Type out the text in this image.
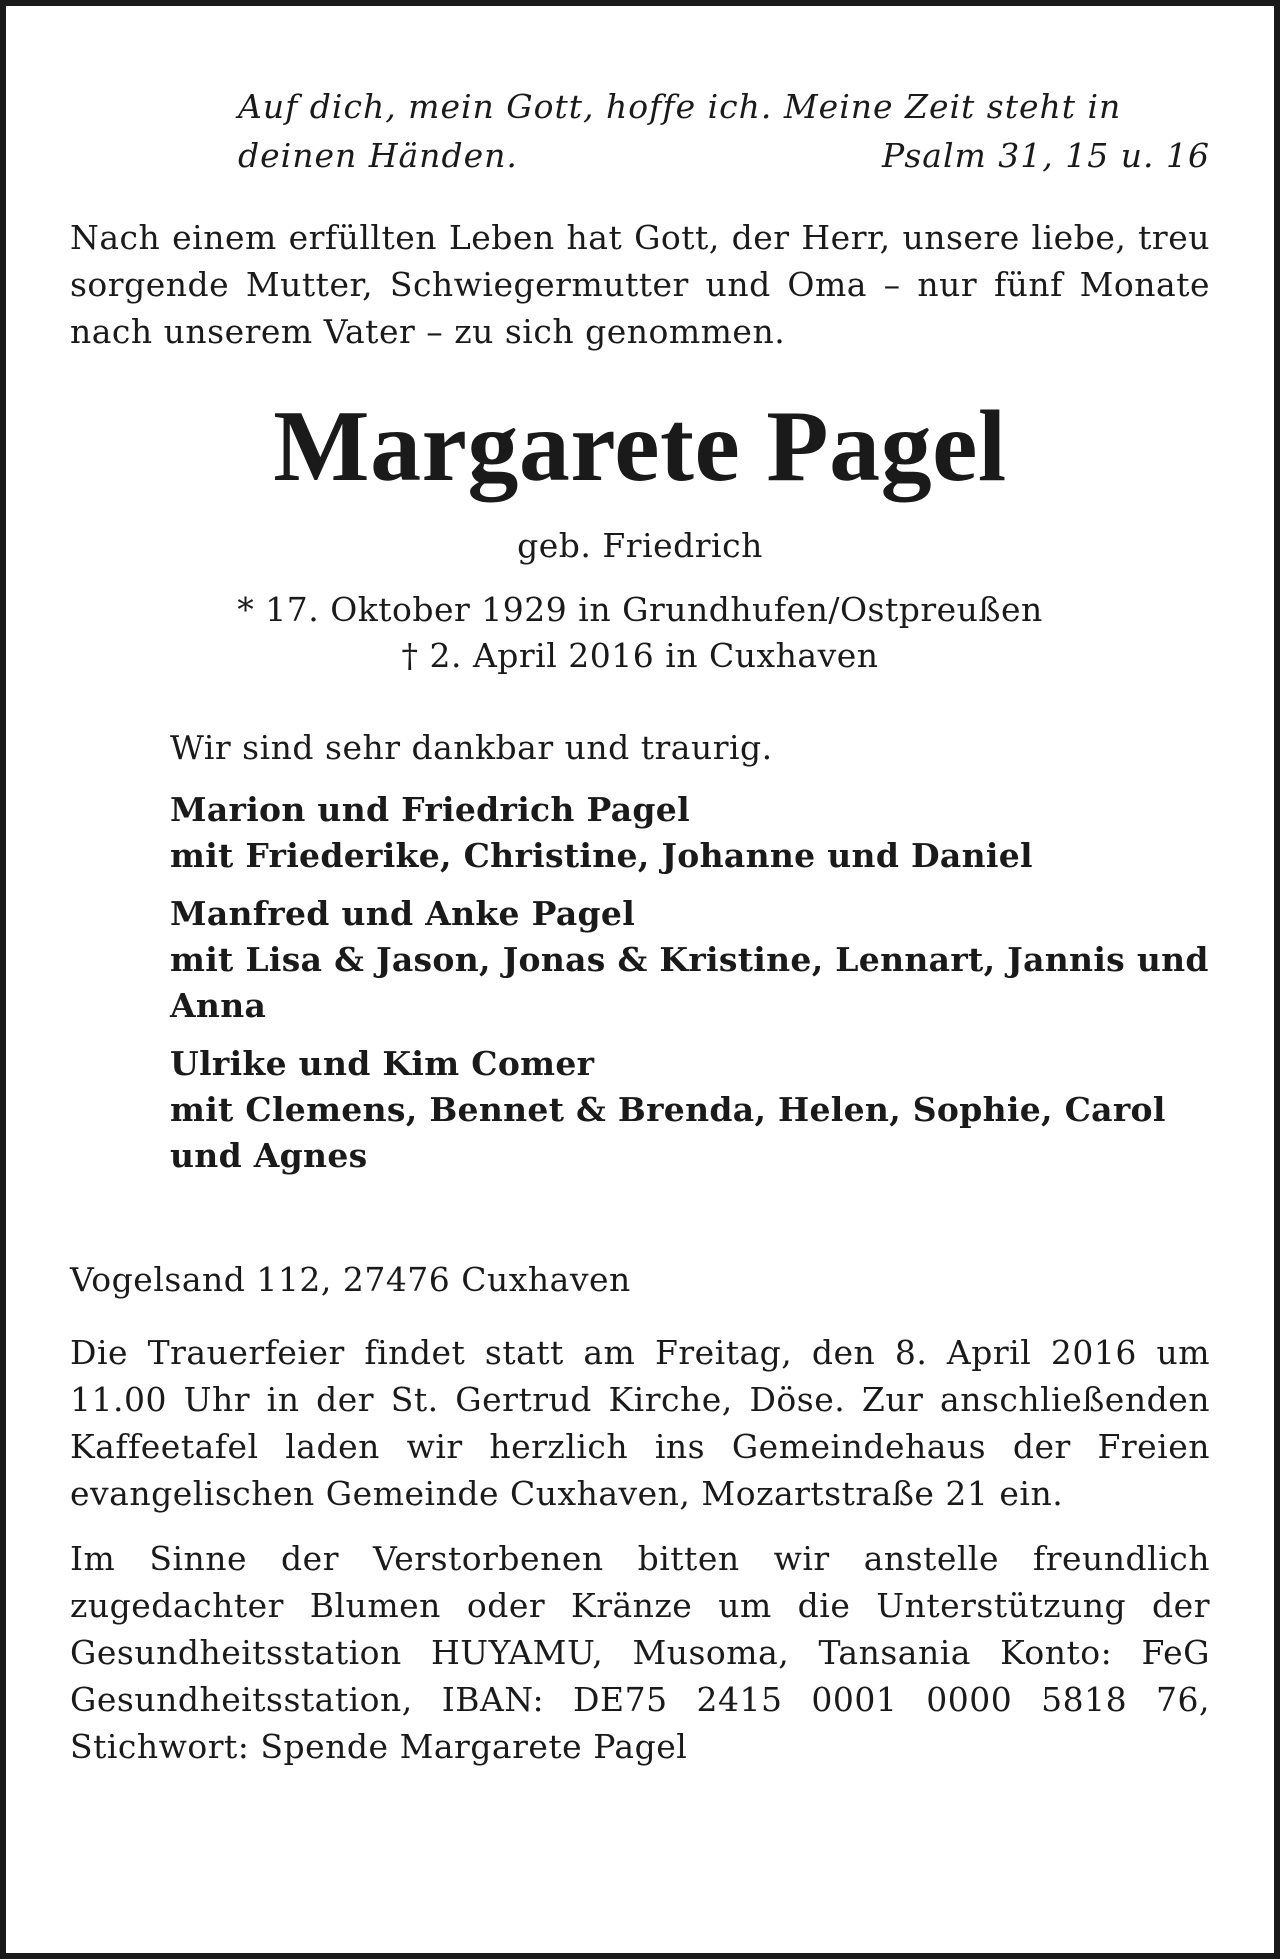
Auf dich, mein Gott, hoffe ich. Meine Zeit steht in
deinen Händen.	Psalm 31, 15 u. 16
Nach einem erfüllten Leben hat Gott, der Herr, unsere liebe, treu sorgende Mutter, Schwiegermutter und Oma – nur fünf Monate nach unserem Vater – zu sich genommen.
Margarete Pagel
geb. Friedrich
* 17. Oktober 1929 in Grundhufen/Ostpreußen
† 2. April 2016 in Cuxhaven
Wir sind sehr dankbar und traurig.
Marion und Friedrich Pagel
mit Friederike, Christine, Johanne und Daniel
Manfred und Anke Pagel
mit Lisa & Jason, Jonas & Kristine, Lennart, Jannis und Anna
Ulrike und Kim Comer
mit Clemens, Bennet & Brenda, Helen, Sophie, Carol und Agnes
Vogelsand 112, 27476 Cuxhaven
Die Trauerfeier findet statt am Freitag, den 8. April 2016 um 11.00 Uhr in der St. Gertrud Kirche, Döse. Zur anschließenden Kaffeetafel laden wir herzlich ins Gemeindehaus der Freien evangelischen Gemeinde Cuxhaven, Mozartstraße 21 ein.
Im Sinne der Verstorbenen bitten wir anstelle freundlich zugedachter Blumen oder Kränze um die Unterstützung der Gesundheitsstation HUYAMU, Musoma, Tansania Konto: FeG Gesundheitsstation, IBAN: DE75 2415 0001 0000 5818 76, Stichwort: Spende Margarete Pagel
